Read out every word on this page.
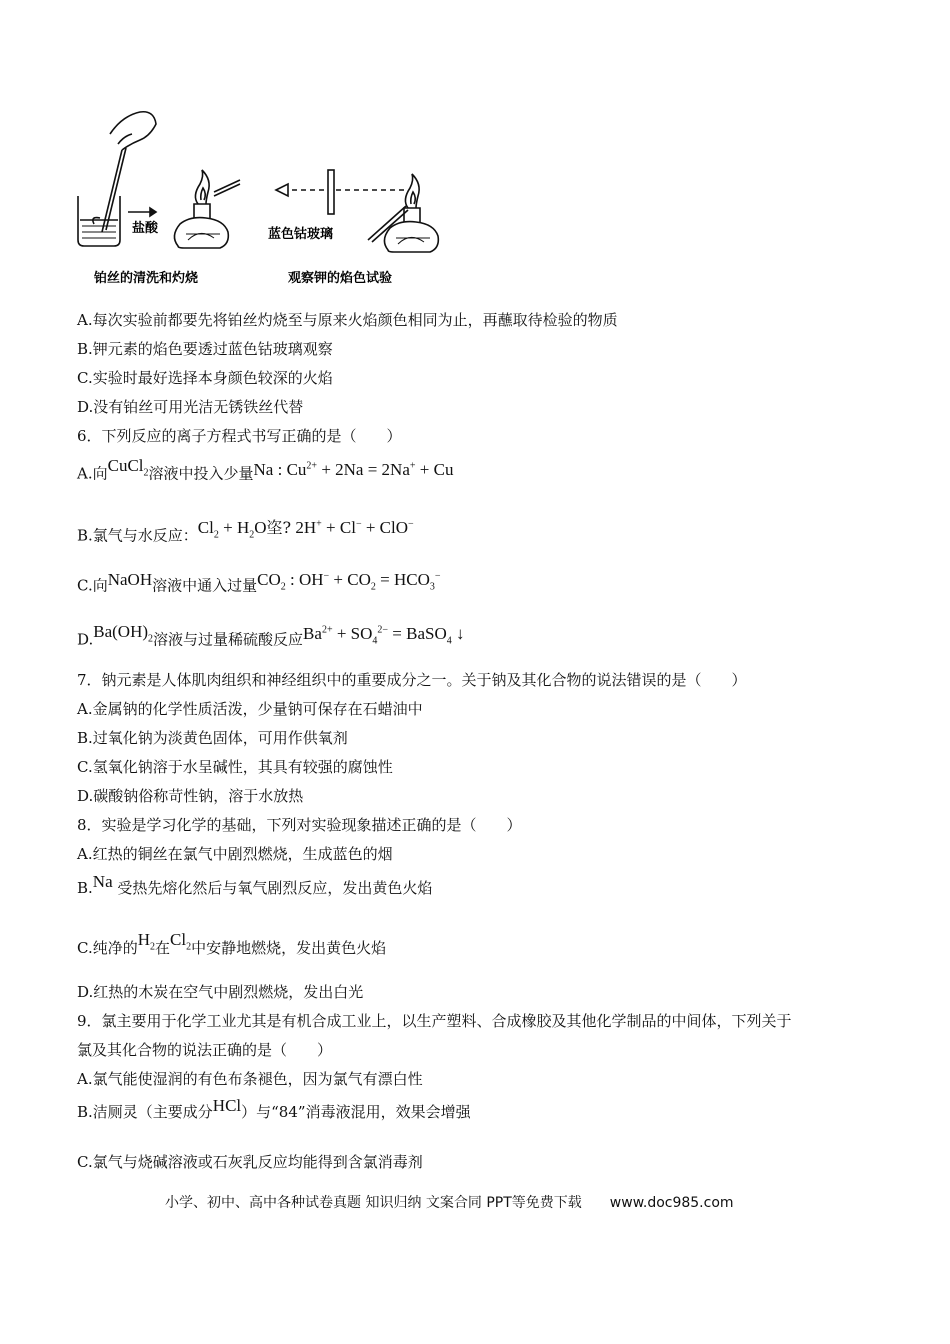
盐酸	蓝色钴玻璃
铂丝的清洗和灼烧	观察钾的焰色试验
A.每次实验前都要先将铂丝灼烧至与原来火焰颜色相同为止，再蘸取待检验的物质
B.钾元素的焰色要透过蓝色钴玻璃观察
C.实验时最好选择本身颜色较深的火焰
D.没有铂丝可用光洁无锈铁丝代替
6．下列反应的离子方程式书写正确的是（　　）
A.向CuCl$_2$溶液中投入少量Na : $Cu^{2+} + 2Na = 2Na^+ + Cu$
B.氯气与水反应：$Cl_2 + H_2O$垐? 2H+ + Cl− + ClO−
C.向NaOH溶液中通入过量$CO_2$ : $OH^- + CO_2 = HCO_3^-$
$D.Ba(OH)_2$溶液与过量稀硫酸反应$Ba^{2+} + SO_4^{2-}$ = BaSO$_4$ ↓
7．钠元素是人体肌肉组织和神经组织中的重要成分之一。关于钠及其化合物的说法错误的是（　　）
A.金属钠的化学性质活泼，少量钠可保存在石蜡油中
B.过氧化钠为淡黄色固体，可用作供氧剂
C.氢氧化钠溶于水呈碱性，其具有较强的腐蚀性
D.碳酸钠俗称苛性钠，溶于水放热
8．实验是学习化学的基础，下列对实验现象描述正确的是（　　）
A.红热的铜丝在氯气中剧烈燃烧，生成蓝色的烟
B.Na 受热先熔化然后与氧气剧烈反应，发出黄色火焰
C.纯净的$H_2$在$Cl_2$中安静地燃烧，发出黄色火焰
D.红热的木炭在空气中剧烈燃烧，发出白光
9．氯主要用于化学工业尤其是有机合成工业上，以生产塑料、合成橡胶及其他化学制品的中间体，下列关于
氯及其化合物的说法正确的是（　　）
A.氯气能使湿润的有色布条褪色，因为氯气有漂白性
B.洁厕灵（主要成分HCl）与“84”消毒液混用，效果会增强
C.氯气与烧碱溶液或石灰乳反应均能得到含氯消毒剂
小学、初中、高中各种试卷真题 知识归纳 文案合同 PPT等免费下载 www.doc985.com
